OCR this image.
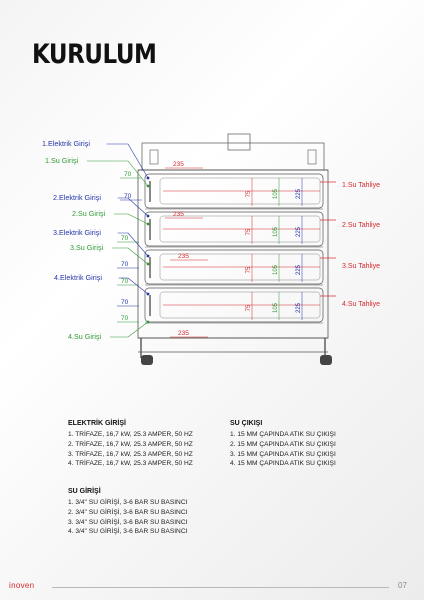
KURULUM
75	105	225
1.Su Tahliye
75	105	225
2.Su Tahliye
75	105	225	3.Su Tahliye
75	105	225	4.Su Tahliye
235
235
235
235
70
70
70
70
70
70
70
1.Elektrik Girişi
1.Su Girişi
2.Elektrik Girişi
2.Su Girişi
3.Elektrik Girişi
3.Su Girişi
4.Elektrik Girişi
4.Su Girişi
ELEKTRİK GİRİŞİ
1. TRİFAZE, 16,7 kW, 25.3 AMPER, 50 HZ
2. TRİFAZE, 16,7 kW, 25.3 AMPER, 50 HZ
3. TRİFAZE, 16,7 kW, 25.3 AMPER, 50 HZ
4. TRİFAZE, 16,7 kW, 25.3 AMPER, 50 HZ
SU ÇIKIŞI
1. 15 MM ÇAPINDA ATIK SU ÇIKIŞI
2. 15 MM ÇAPINDA ATIK SU ÇIKIŞI
3. 15 MM ÇAPINDA ATIK SU ÇIKIŞI
4. 15 MM ÇAPINDA ATIK SU ÇIKIŞI
SU GİRİŞİ
1. 3/4'' SU GİRİŞİ, 3-6 BAR SU BASINCI
2. 3/4'' SU GİRİŞİ, 3-6 BAR SU BASINCI
3. 3/4'' SU GİRİŞİ, 3-6 BAR SU BASINCI
4. 3/4'' SU GİRİŞİ, 3-6 BAR SU BASINCI
inoven	07
